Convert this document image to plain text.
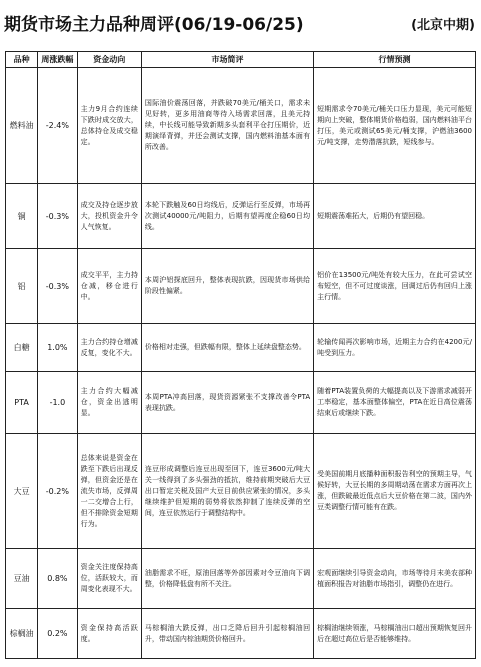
期货市场主力品种周评(06/19-06/25)	(北京中期)
品种	周涨跌幅	资金动向	市场简评	行情预测
燃料油	-2.4%	主力9月合约连续下跌时成交放大，总体持仓及成交稳定。	国际油价震荡回落，并跌破70美元/桶关口，需求未见好转，更多用油商等待入场需求回落，且美元持续，中长线可能导致新期多头套利平仓打压期价，近期演绎背弹，并还会测试支撑，国内燃料油基本面有所改善。	短期需求令70美元/桶关口压力显现，美元可能短期向上突破，整体期货价格趋弱，国内燃料油平台打压，美元或测试65美元/桶支撑，沪燃油3600元/吨支撑，走势潜落抗跌，短线参与。
铜	-0.3%	成交及持仓逐步放大，投机资金升令人气恢复。	本轮下跌触及60日均线后，反弹运行至反弹，市场再次测试40000元/吨阻力，后期有望再度企稳60日均线。	短期震荡难拓大，后期仍有望回稳。
铝	-0.3%	成交平平，主力持仓减，移仓进行中。	本周沪铝探底回升，整体表现抗跌，因现货市场供给阶段性偏紧。	铝价在13500元/吨处有较大压力，在此可尝试空布短空，但不可过度谈涨，回调过后仍有回归上涨主行情。
白糖	1.0%	主力合约持仓增减反复，变化不大。	价格相对走强，但跌幅有限，整体上延续盘整态势。	轮输传闻再次影响市场，近期主力合约在4200元/吨受到压力。
PTA	-1.0	主力合约大幅减仓，资金出逃明显。	本周PTA冲高回落，现货资源紧张不支撑改善令PTA表现抗跌。	随着PTA装置负荷的大幅提高以及下游需求减弱开工率稳定，基本面整体偏空，PTA在近日高位震荡结束后或继续下跌。
大豆	-0.2%	总体来说是资金在跌至下跌后出现反弹，但资金还是在流失市场，反弹周一二交增合上行，但不排除资金短期行为。	连豆形成调整后连豆出现至回下，连豆3600元/吨大关一线得到了多头强劲的抵抗，维持前期突破后大豆出口暂定关税及国产大豆目前供应紧张的情况，多头继续维护但短期的弱势将依然抑制了连续反弹的空间，连豆依然运行于调整结构中。	受美国前期月底播种面积报告利空的预期主导，气候好转，大豆长期的多周期动荡在需求方面再次上涨，但跌破最近低点后大豆价格在第二波，国内外豆类调整行情可能有在跌。
豆油	0.8%	资金关注度保持高位，活跃较大，而周变化表现不大。	油脂需求不旺，原油回落等外部因素对令豆油向下调整，价格降低盘有所不关注。	宏观面继续引导资金动向，市场等待月末美农部种植面积报告对油脂市场指引，调整仍在进行。
棕榈油	0.2%	资金保持高活跃度。	马棕榈油大跌反弹，出口乏降后回升引起棕榈油回升，带动国内棕油期货价格回升。	棕榈油继续领涨，马棕榈油出口超出预期恢复回升后在超过高位后是否能够维持。
